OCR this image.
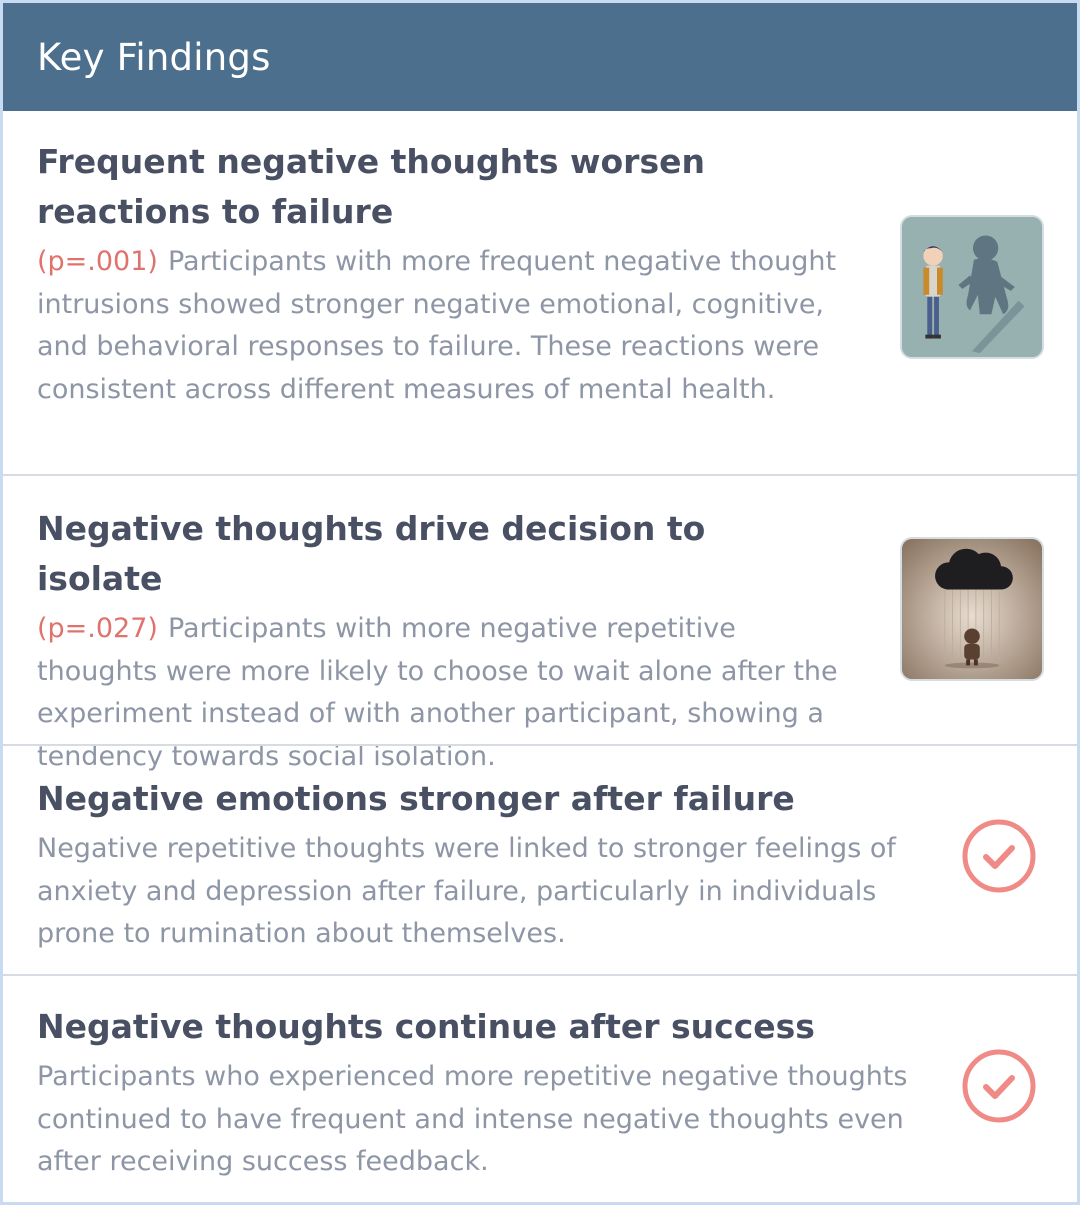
Key Findings
Frequent negative thoughts worsen reactions to failure
(p=.001) Participants with more frequent negative thought intrusions showed stronger negative emotional, cognitive, and behavioral responses to failure. These reactions were consistent across different measures of mental health.
Negative thoughts drive decision to isolate
(p=.027) Participants with more negative repetitive thoughts were more likely to choose to wait alone after the experiment instead of with another participant, showing a tendency towards social isolation.
Negative emotions stronger after failure
Negative repetitive thoughts were linked to stronger feelings of anxiety and depression after failure, particularly in individuals prone to rumination about themselves.
Negative thoughts continue after success
Participants who experienced more repetitive negative thoughts continued to have frequent and intense negative thoughts even after receiving success feedback.
